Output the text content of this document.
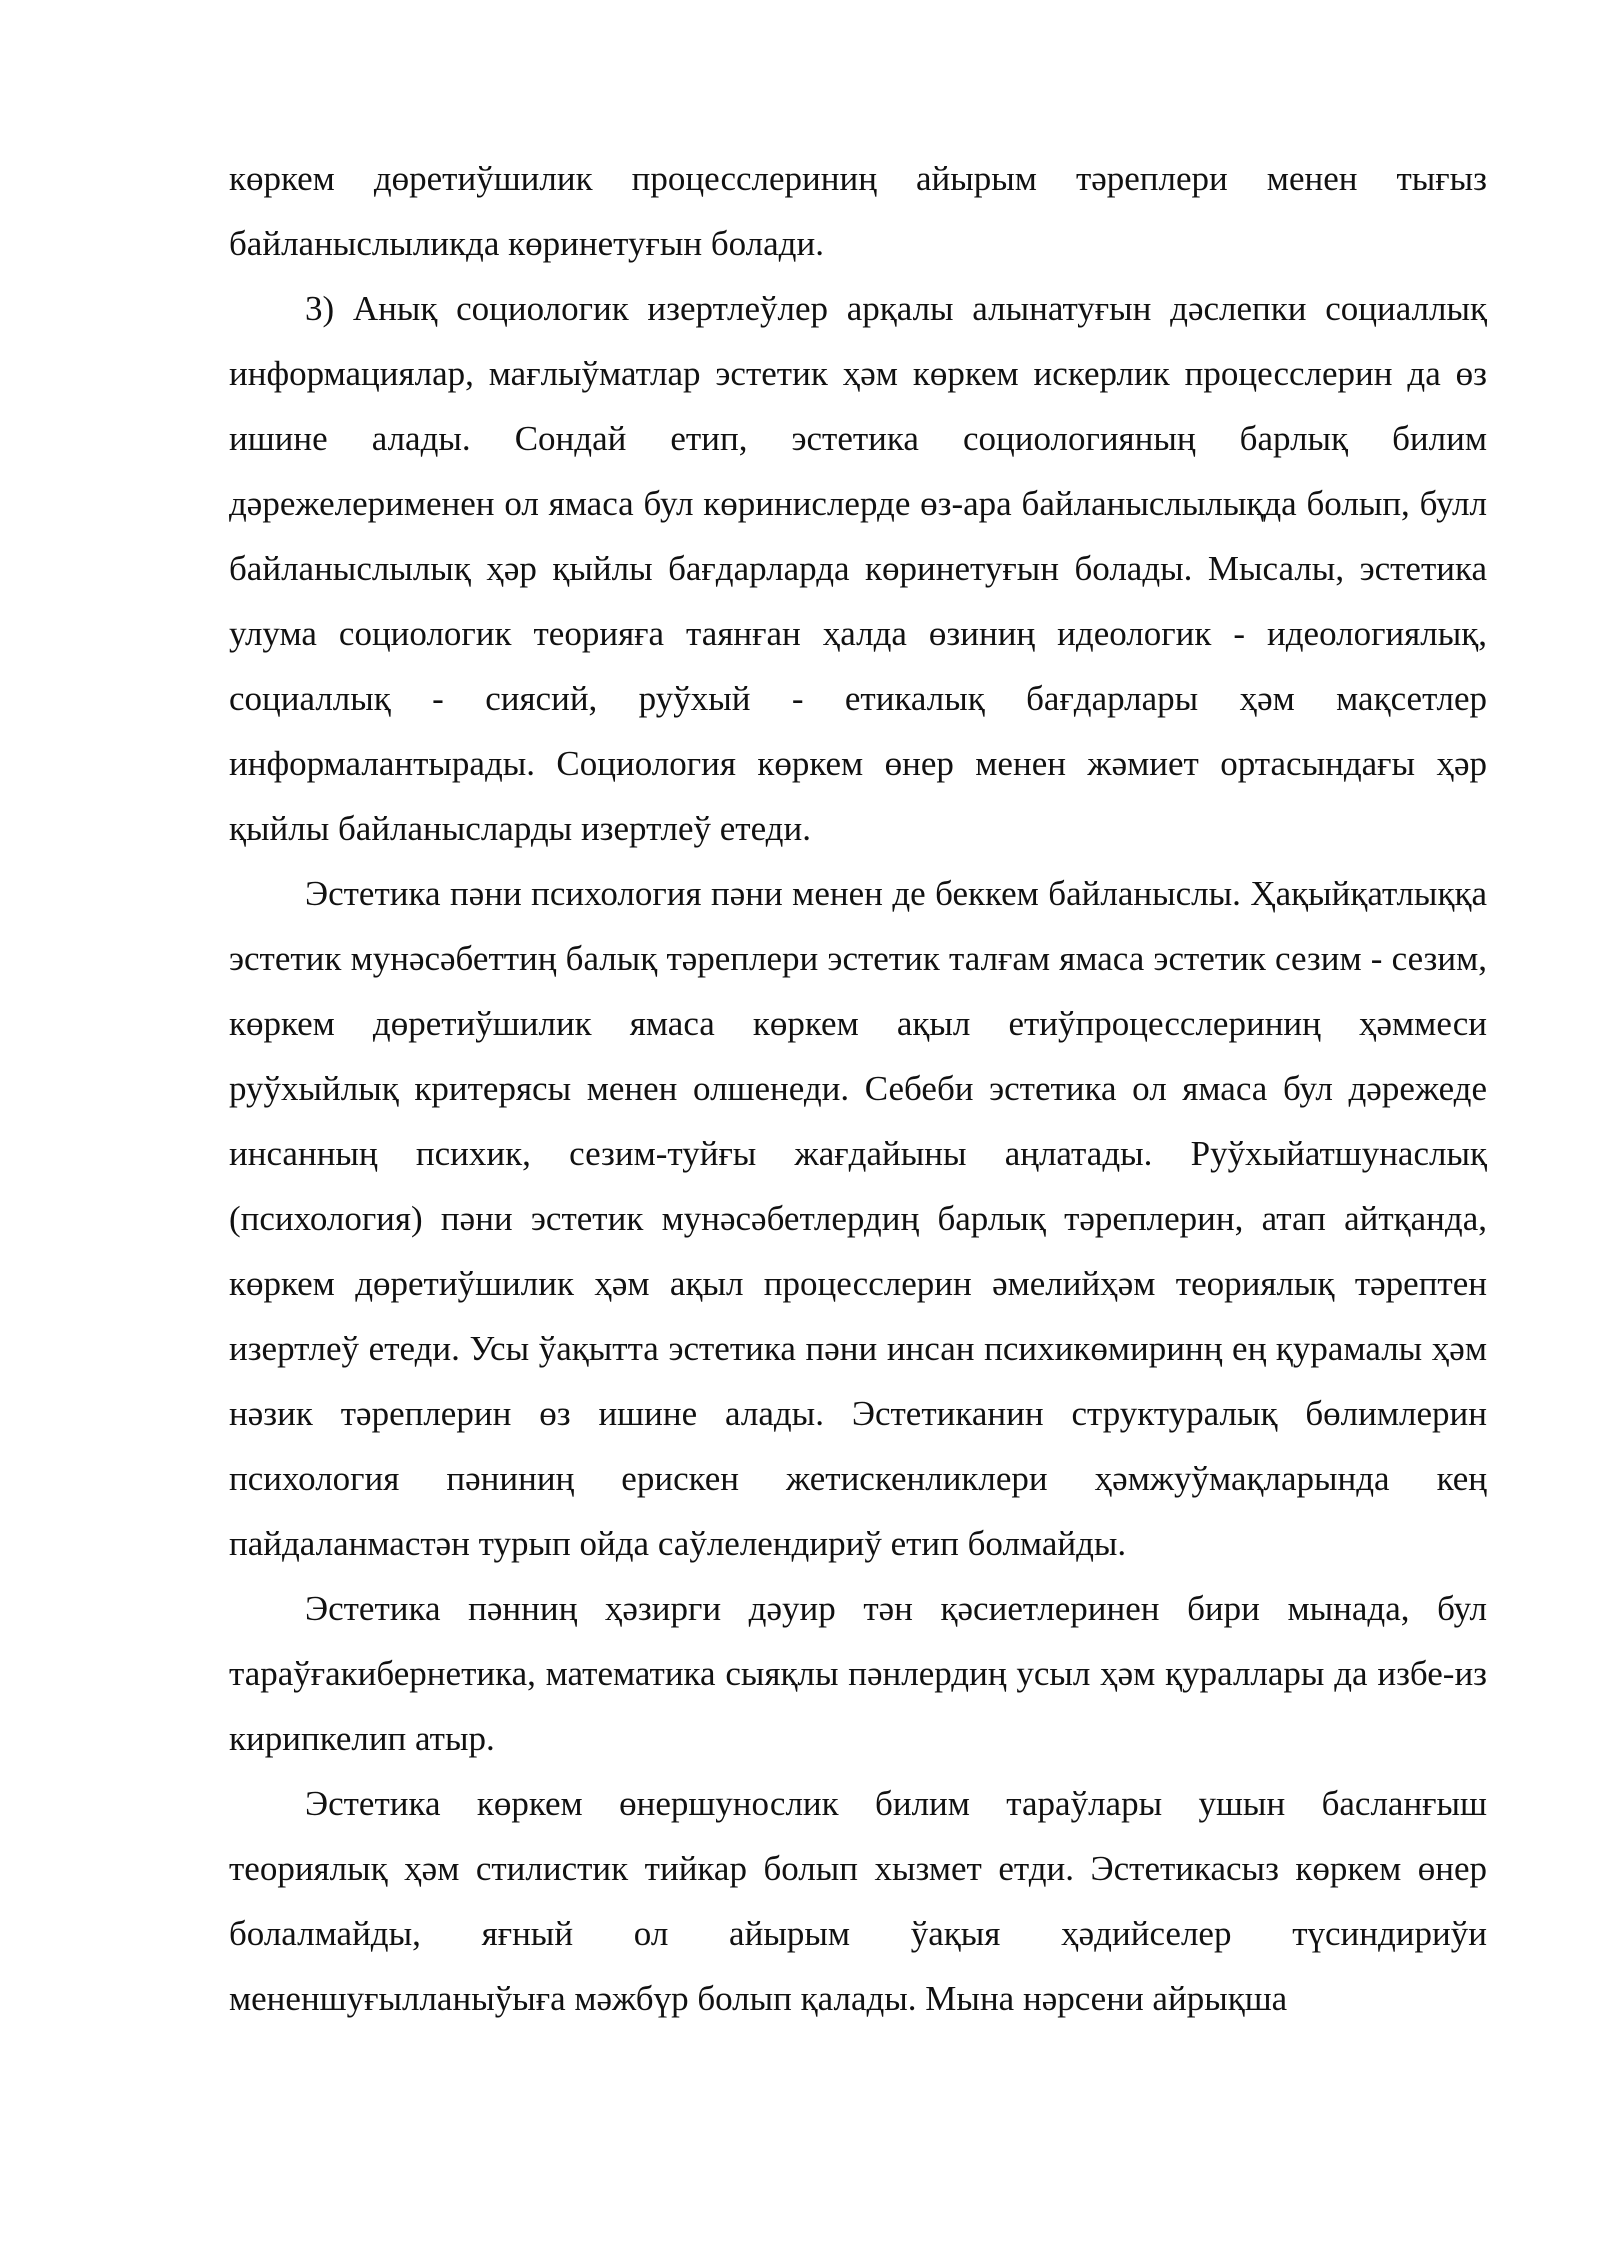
көркем дөретиўшилик процесслериниң айырым тәреплери менен тығыз байланыслыликда көринетуғын болади.

3) Анық социологик изертлеўлер арқалы алынатуғын дәслепки социаллық информациялар, мағлыўматлар эстетик ҳәм көркем искерлик процесслерин да өз ишине алады. Сондай етип, эстетика социологияның барлық билим дәрежелерименен ол ямаса бул көринислерде өз-ара байланыслылықда болып, булл байланыслылық ҳәр қыйлы бағдарларда көринетуғын болады. Мысалы, эстетика улума социологик теорияға таянған ҳалда өзиниң идеологик - идеологиялық, социаллық - сиясий, руўхый - етикалық бағдарлары ҳәм мақсетлер информалантырады. Социология көркем өнер менен жәмиет ортасындағы ҳәр қыйлы байланысларды изертлеў етеди.

Эстетика пәни психология пәни менен де беккем байланыслы. Ҳақыйқатлыққа эстетик мунәсәбеттиң балық тәреплери эстетик талғам ямаса эстетик сезим - сезим, көркем дөретиўшилик ямаса көркем ақыл етиўпроцесслериниң ҳәммеси руўхыйлық критерясы менен олшенеди. Себеби эстетика ол ямаса бул дәрежеде инсанның психик, сезим-туйғы жағдайыны аңлатады. Руўхыйатшунаслық (психология) пәни эстетик мунәсәбетлердиң барлық тәреплерин, атап айтқанда, көркем дөретиўшилик ҳәм ақыл процесслерин әмелийҳәм теориялық тәрептен изертлеў етеди. Усы ўақытта эстетика пәни инсан психикөмиринң ең қурамалы ҳәм нәзик тәреплерин өз ишине алады. Эстетиканин структуралық бөлимлерин психология пәниниң ерискен жетискенликлери ҳәмжуўмақларында кең пайдаланмастән турып ойда саўлелендириў етип болмайды.

Эстетика пәнниң ҳәзирги дәуир тән қәсиетлеринен бири мынада, бул тараўғакибернетика, математика сыяқлы пәнлердиң усыл ҳәм қураллары да избе-из кирипкелип атыр.

Эстетика көркем өнершунослик билим тараўлары ушын басланғыш теориялық ҳәм стилистик тийкар болып хызмет етди. Эстетикасыз көркем өнер болалмайды, яғный ол айырым ўақыя ҳәдийселер түсиндириўи мененшуғылланыўыға мәжбүр болып қалады. Мына нәрсени айрықша
